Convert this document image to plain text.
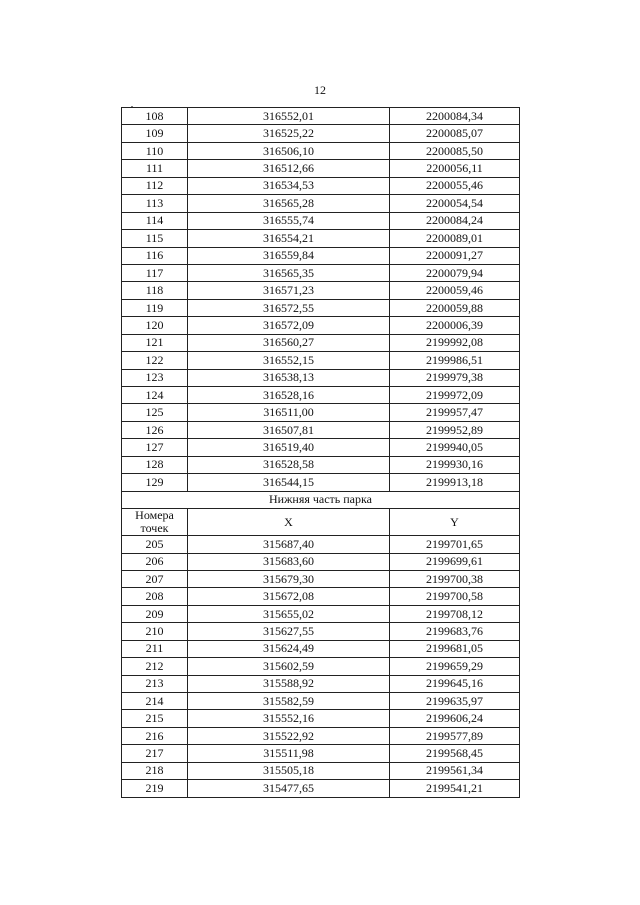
12
108	316552,01	2200084,34
109	316525,22	2200085,07
110	316506,10	2200085,50
111	316512,66	2200056,11
112	316534,53	2200055,46
113	316565,28	2200054,54
114	316555,74	2200084,24
115	316554,21	2200089,01
116	316559,84	2200091,27
117	316565,35	2200079,94
118	316571,23	2200059,46
119	316572,55	2200059,88
120	316572,09	2200006,39
121	316560,27	2199992,08
122	316552,15	2199986,51
123	316538,13	2199979,38
124	316528,16	2199972,09
125	316511,00	2199957,47
126	316507,81	2199952,89
127	316519,40	2199940,05
128	316528,58	2199930,16
129	316544,15	2199913,18
Нижняя часть парка		
Номера
точек	X	Y
205	315687,40	2199701,65
206	315683,60	2199699,61
207	315679,30	2199700,38
208	315672,08	2199700,58
209	315655,02	2199708,12
210	315627,55	2199683,76
211	315624,49	2199681,05
212	315602,59	2199659,29
213	315588,92	2199645,16
214	315582,59	2199635,97
215	315552,16	2199606,24
216	315522,92	2199577,89
217	315511,98	2199568,45
218	315505,18	2199561,34
219	315477,65	2199541,21
